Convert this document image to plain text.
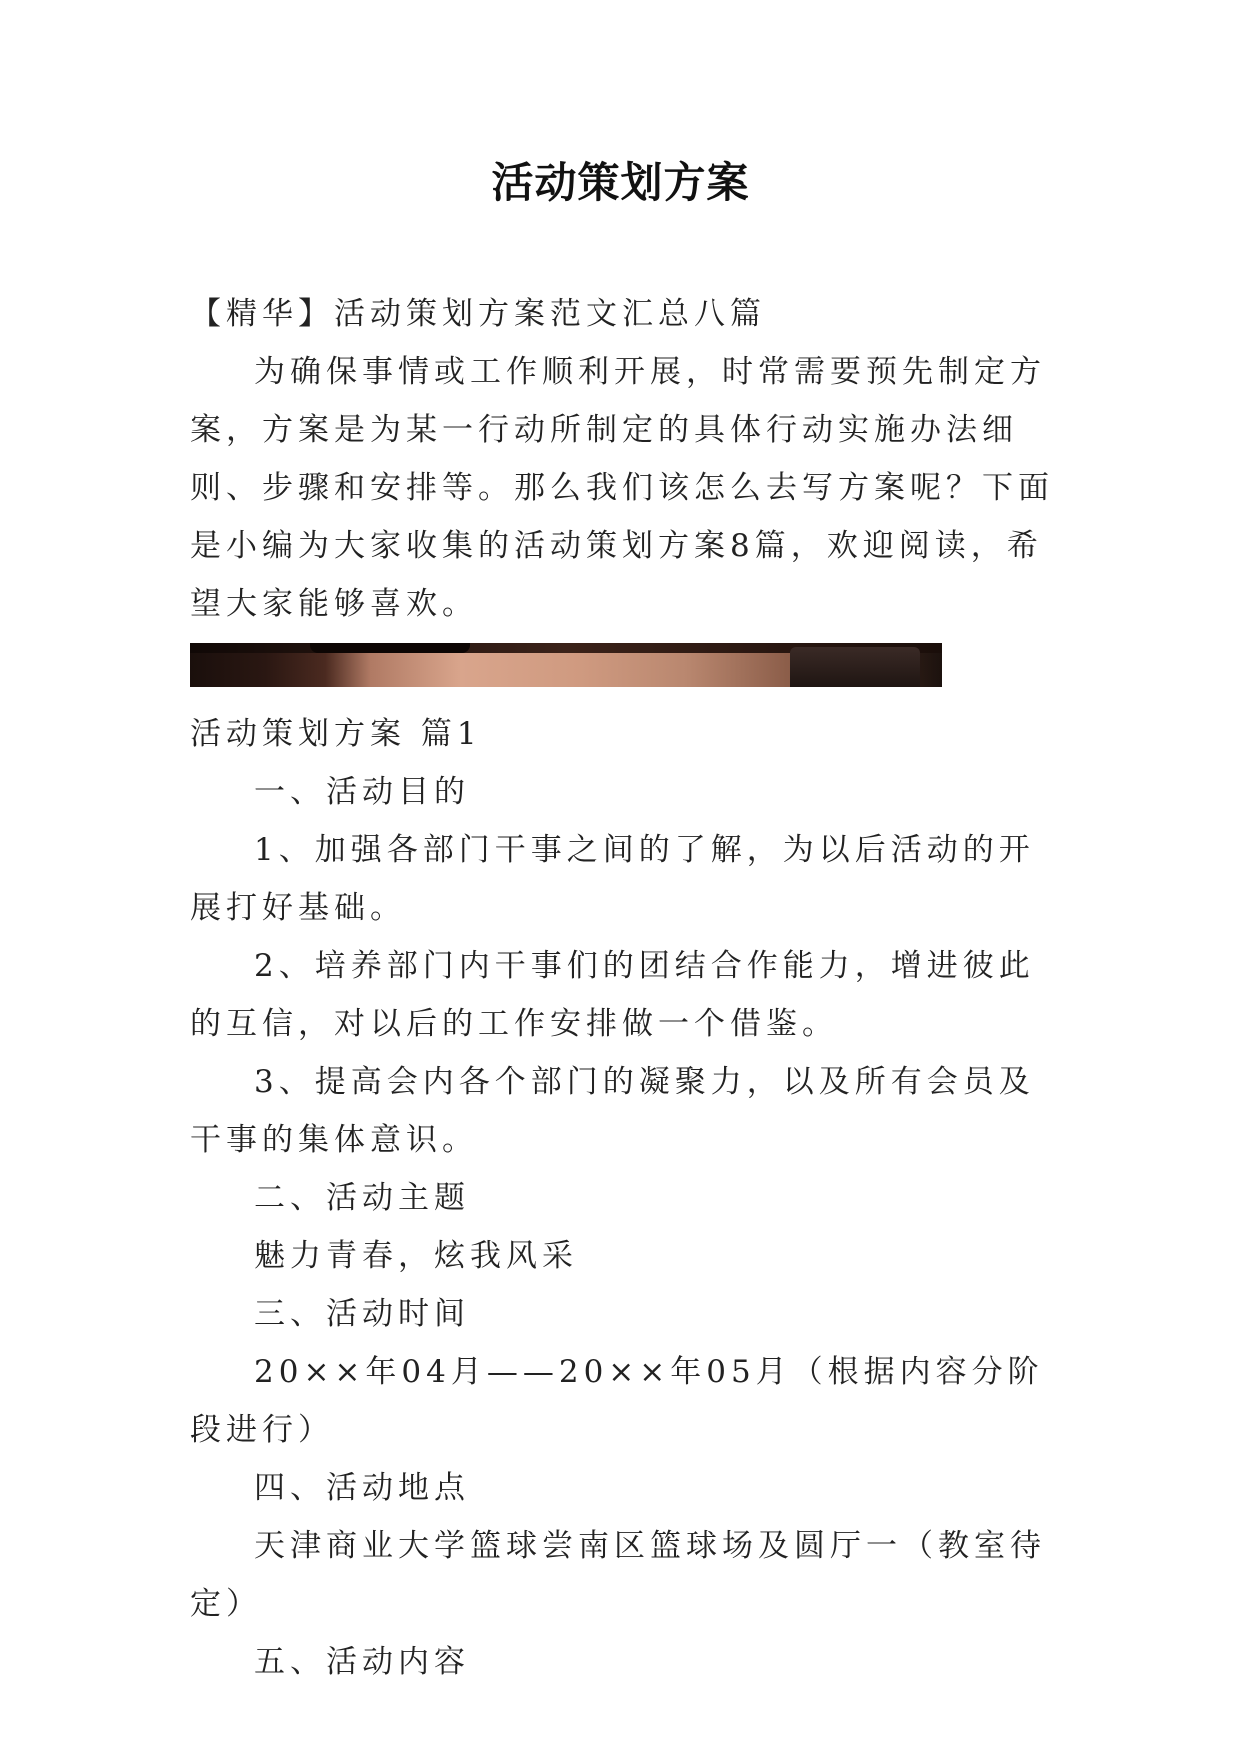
活动策划方案

【精华】活动策划方案范文汇总八篇

为确保事情或工作顺利开展，时常需要预先制定方案，方案是为某一行动所制定的具体行动实施办法细则、步骤和安排等。那么我们该怎么去写方案呢？下面是小编为大家收集的活动策划方案8篇，欢迎阅读，希望大家能够喜欢。

活动策划方案 篇1

一、活动目的

1、加强各部门干事之间的了解，为以后活动的开展打好基础。

2、培养部门内干事们的团结合作能力，增进彼此的互信，对以后的工作安排做一个借鉴。

3、提高会内各个部门的凝聚力，以及所有会员及干事的集体意识。

二、活动主题

魅力青春，炫我风采

三、活动时间

20××年04月——20××年05月（根据内容分阶段进行）

四、活动地点

天津商业大学篮球尝南区篮球场及圆厅一（教室待定）

五、活动内容
